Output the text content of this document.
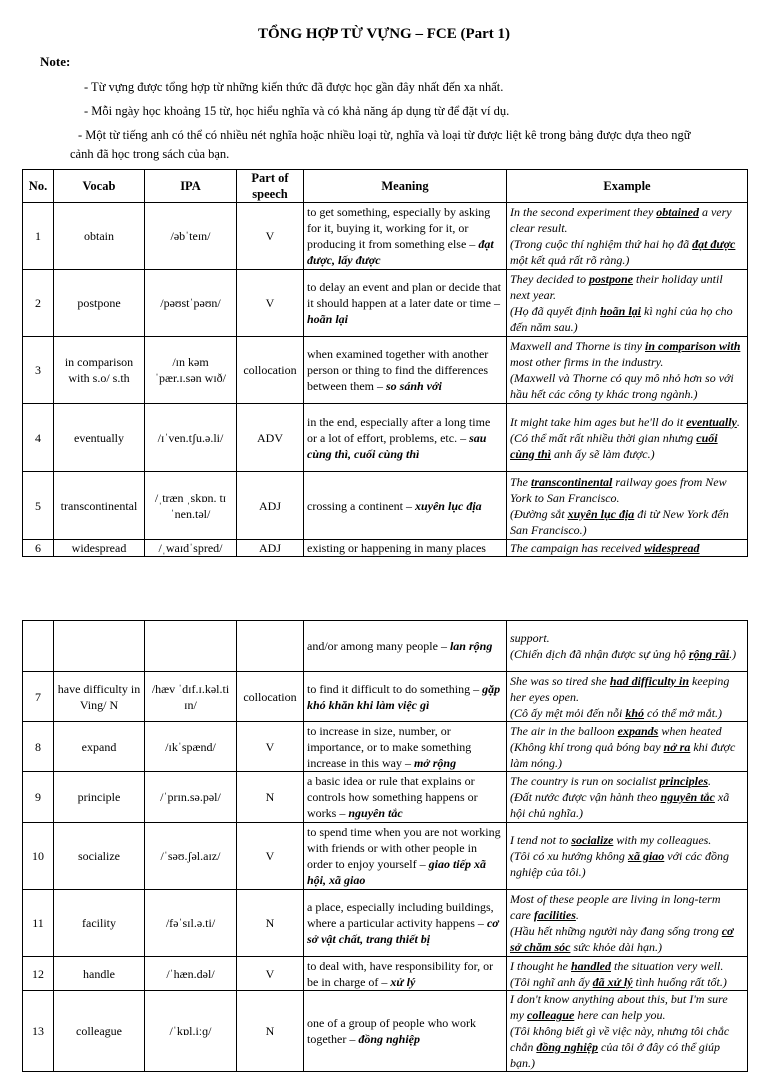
TỔNG HỢP TỪ VỰNG – FCE (Part 1)
Note:
- Từ vựng được tổng hợp từ những kiến thức đã được học gần đây nhất đến xa nhất.
- Mỗi ngày học khoảng 15 từ, học hiểu nghĩa và có khả năng áp dụng từ để đặt ví dụ.
- Một từ tiếng anh có thể có nhiều nét nghĩa hoặc nhiều loại từ, nghĩa và loại từ được liệt kê trong bảng được dựa theo ngữ cảnh đã học trong sách của bạn.
No.	Vocab	IPA	Part of speech	Meaning	Example
1	obtain	/əbˈteɪn/	V	to get something, especially by asking for it, buying it, working for it, or producing it from something else – đạt được, lấy được	In the second experiment they obtained a very clear result.
(Trong cuộc thí nghiệm thứ hai họ đã đạt được một kết quả rất rõ ràng.)

2	postpone	/pəʊstˈpəʊn/	V	to delay an event and plan or decide that it should happen at a later date or time – hoãn lại	They decided to postpone their holiday until next year.
(Họ đã quyết định hoãn lại kì nghỉ của họ cho đến năm sau.)

3	in comparison with s.o/ s.th	/ɪn kəm ˈpær.ɪ.sən wɪð/	collocation	when examined together with another person or thing to find the differences between them – so sánh với	Maxwell and Thorne is tiny in comparison with most other firms in the industry.
(Maxwell và Thorne có quy mô nhỏ hơn so với hầu hết các công ty khác trong ngành.)

4	eventually	/ɪˈven.tʃu.ə.li/	ADV	in the end, especially after a long time or a lot of effort, problems, etc. – sau cùng thì, cuối cùng thì	It might take him ages but he'll do it eventually.
(Có thể mất rất nhiều thời gian nhưng cuối cùng thì anh ấy sẽ làm được.)

5	transcontinental	/ˌtræn ˌskɒn. tɪˈnen.təl/	ADJ	crossing a continent – xuyên lục địa	The transcontinental railway goes from New York to San Francisco.
(Đường sắt xuyên lục địa đi từ New York đến San Francisco.)

6	widespread	/ˌwaɪdˈspred/	ADJ	existing or happening in many places	The campaign has received widespread
				and/or among many people – lan rộng	support.
(Chiến dịch đã nhận được sự ủng hộ rộng rãi.)

7	have difficulty in Ving/ N	/hæv ˈdɪf.ɪ.kəl.ti ɪn/	collocation	to find it difficult to do something – gặp khó khăn khi làm việc gì	She was so tired she had difficulty in keeping her eyes open.
(Cô ấy mệt mỏi đến nỗi khó có thể mở mắt.)

8	expand	/ɪkˈspænd/	V	to increase in size, number, or importance, or to make something increase in this way – mở rộng	The air in the balloon expands when heated
(Không khí trong quả bóng bay nở ra khi được làm nóng.)

9	principle	/ˈprɪn.sə.pəl/	N	a basic idea or rule that explains or controls how something happens or works – nguyên tắc	The country is run on socialist principles.
(Đất nước được vận hành theo nguyên tắc xã hội chủ nghĩa.)

10	socialize	/ˈsəʊ.ʃəl.aɪz/	V	to spend time when you are not working with friends or with other people in order to enjoy yourself – giao tiếp xã hội, xã giao	I tend not to socialize with my colleagues.
(Tôi có xu hướng không xã giao với các đồng nghiệp của tôi.)

11	facility	/fəˈsɪl.ə.ti/	N	a place, especially including buildings, where a particular activity happens – cơ sở vật chất, trang thiết bị	Most of these people are living in long-term care facilities.
(Hầu hết những người này đang sống trong cơ sở chăm sóc sức khỏe dài hạn.)

12	handle	/ˈhæn.dəl/	V	to deal with, have responsibility for, or be in charge of – xử lý	I thought he handled the situation very well.
(Tôi nghĩ anh ấy đã xử lý tình huống rất tốt.)

13	colleague	/ˈkɒl.iːɡ/	N	one of a group of people who work together – đồng nghiệp	I don't know anything about this, but I'm sure my colleague here can help you.
(Tôi không biết gì về việc này, nhưng tôi chắc chắn đồng nghiệp của tôi ở đây có thể giúp bạn.)
